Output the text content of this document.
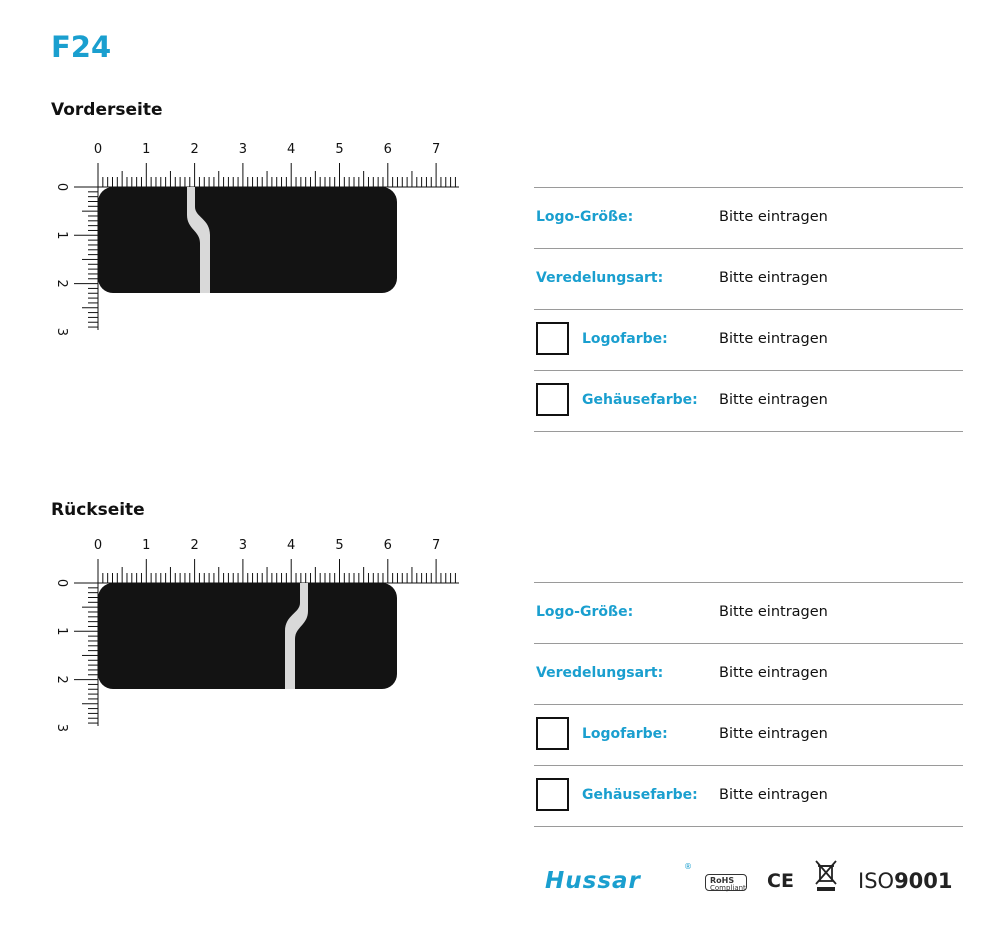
F24
Vorderseite
0	1	2	3	4	5	6	7
0
1
2
3
Logo-Größe:	Bitte eintragen
Veredelungsart:	Bitte eintragen
Logofarbe:	Bitte eintragen
Gehäusefarbe: Bitte eintragen
Rückseite
0	1	2	3	4	5	6	7
0
1
2
3
Logo-Größe:	Bitte eintragen
Veredelungsart:	Bitte eintragen
Logofarbe:	Bitte eintragen
Gehäusefarbe: Bitte eintragen
Hussar
®
RoHS
Compliant CE	ISO9001
